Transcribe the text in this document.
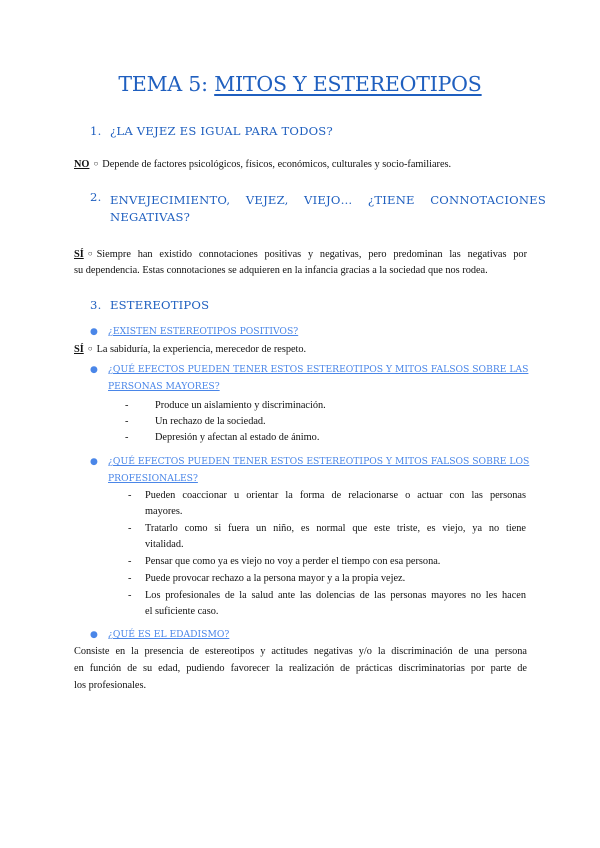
TEMA 5: MITOS Y ESTEREOTIPOS
1. ¿LA VEJEZ ES IGUAL PARA TODOS?
NO ○ Depende de factores psicológicos, físicos, económicos, culturales y socio-familiares.
2. ENVEJECIMIENTO, VEJEZ, VIEJO… ¿TIENE CONNOTACIONES
NEGATIVAS?
SÍ ○ Siempre han existido connotaciones positivas y negativas, pero predominan las negativas por
su dependencia. Estas connotaciones se adquieren en la infancia gracias a la sociedad que nos rodea.
3. ESTEREOTIPOS
● ¿EXISTEN ESTEREOTIPOS POSITIVOS?
SÍ ○ La sabiduría, la experiencia, merecedor de respeto.
● ¿QUÉ EFECTOS PUEDEN TENER ESTOS ESTEREOTIPOS Y MITOS FALSOS SOBRE LAS
PERSONAS MAYORES?
-	Produce un aislamiento y discriminación.
-	Un rechazo de la sociedad.
-	Depresión y afectan al estado de ánimo.
● ¿QUÉ EFECTOS PUEDEN TENER ESTOS ESTEREOTIPOS Y MITOS FALSOS SOBRE LOS
PROFESIONALES?
- Pueden coaccionar u orientar la forma de relacionarse o actuar con las personas
mayores.
- Tratarlo como si fuera un niño, es normal que este triste, es viejo, ya no tiene
vitalidad.
- Pensar que como ya es viejo no voy a perder el tiempo con esa persona.
- Puede provocar rechazo a la persona mayor y a la propia vejez.
- Los profesionales de la salud ante las dolencias de las personas mayores no les hacen
el suficiente caso.
● ¿QUÉ ES EL EDADISMO?
Consiste en la presencia de estereotipos y actitudes negativas y/o la discriminación de una persona
en función de su edad, pudiendo favorecer la realización de prácticas discriminatorias por parte de
los profesionales.
